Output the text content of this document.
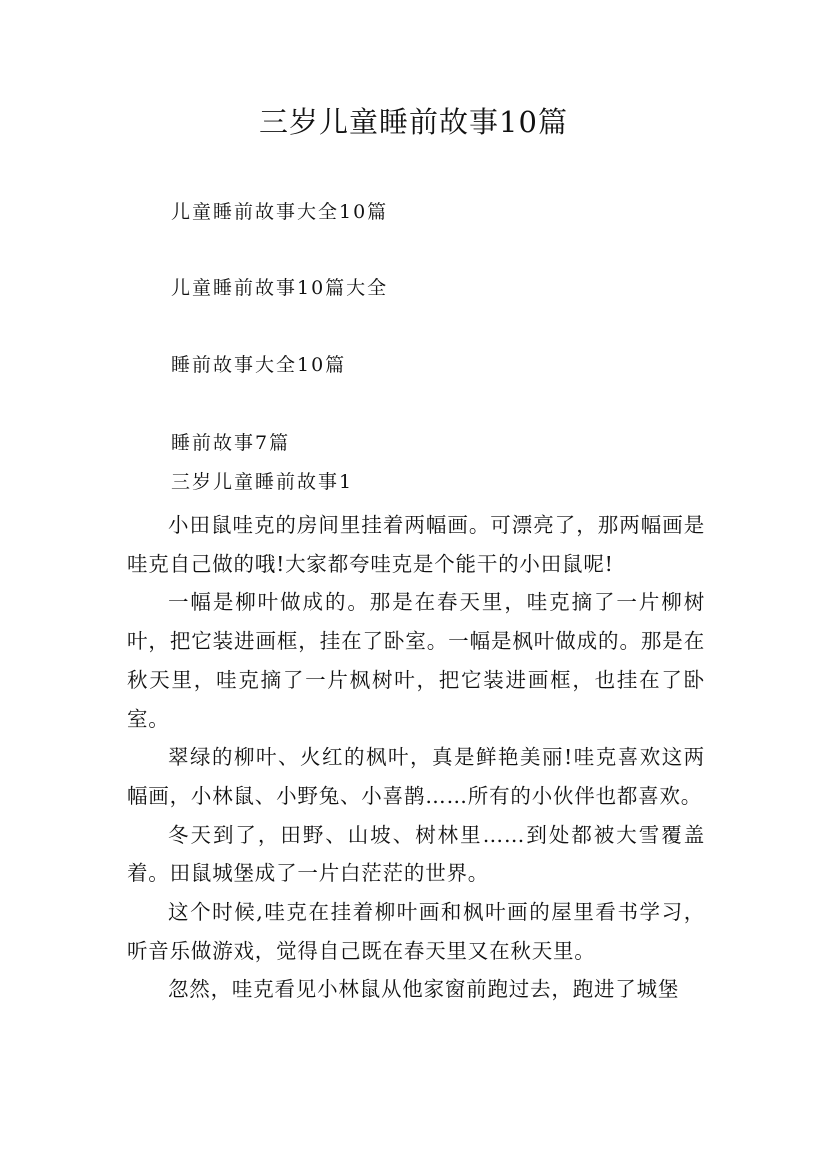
三岁儿童睡前故事10篇
儿童睡前故事大全10篇
儿童睡前故事10篇大全
睡前故事大全10篇
睡前故事7篇
三岁儿童睡前故事1

小田鼠哇克的房间里挂着两幅画。可漂亮了，那两幅画是哇克自己做的哦!大家都夸哇克是个能干的小田鼠呢!

一幅是柳叶做成的。那是在春天里，哇克摘了一片柳树叶，把它装进画框，挂在了卧室。一幅是枫叶做成的。那是在秋天里，哇克摘了一片枫树叶，把它装进画框，也挂在了卧室。

翠绿的柳叶、火红的枫叶，真是鲜艳美丽!哇克喜欢这两幅画，小林鼠、小野兔、小喜鹊……所有的小伙伴也都喜欢。

冬天到了，田野、山坡、树林里……到处都被大雪覆盖着。田鼠城堡成了一片白茫茫的世界。

这个时候,哇克在挂着柳叶画和枫叶画的屋里看书学习，听音乐做游戏，觉得自己既在春天里又在秋天里。

忽然，哇克看见小林鼠从他家窗前跑过去，跑进了城堡
